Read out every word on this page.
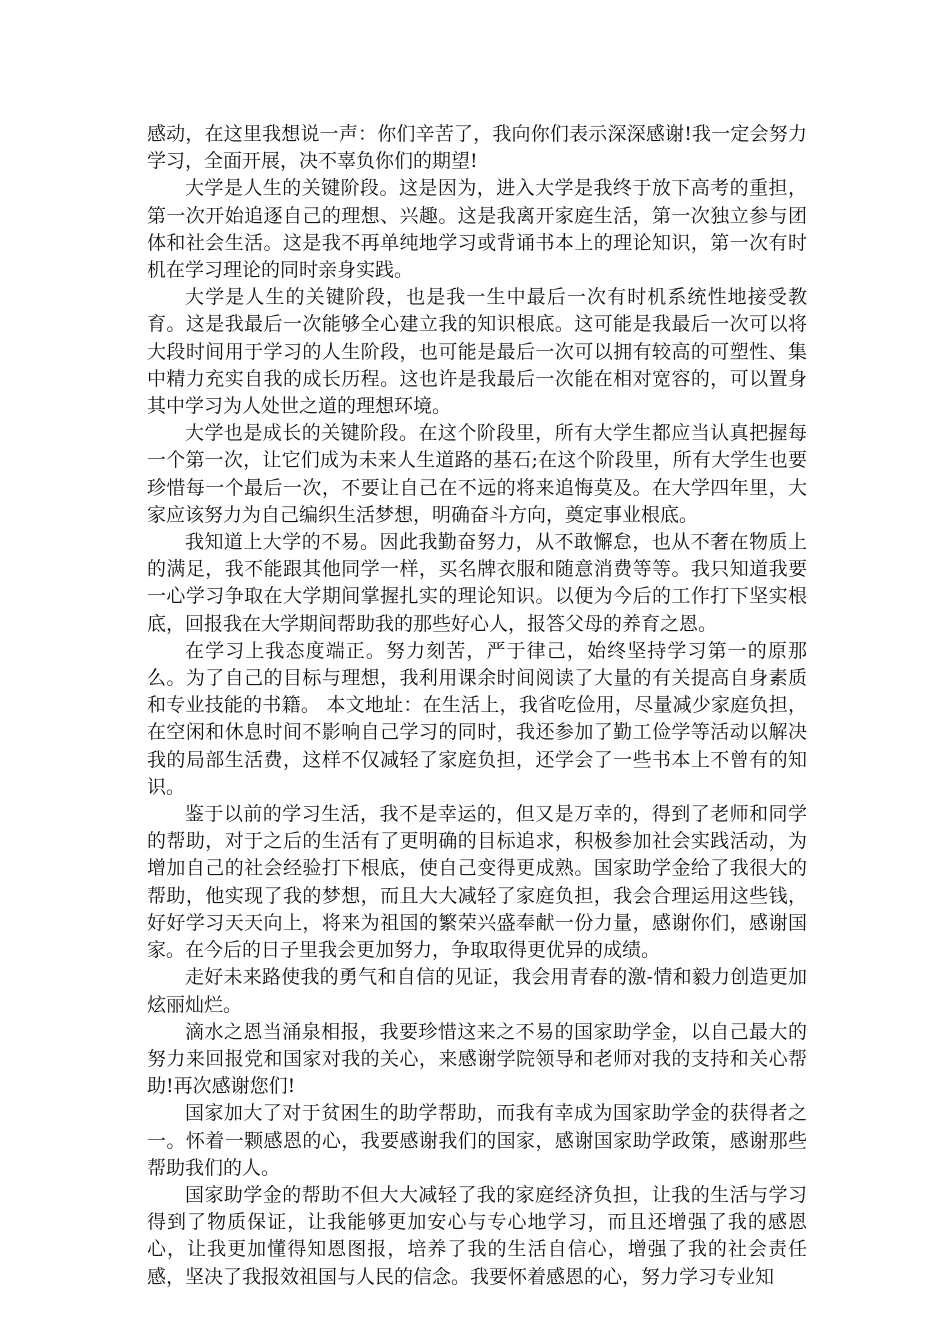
感动，在这里我想说一声：你们辛苦了，我向你们表示深深感谢!我一定会努力学习，全面开展，决不辜负你们的期望!

大学是人生的关键阶段。这是因为，进入大学是我终于放下高考的重担，第一次开始追逐自己的理想、兴趣。这是我离开家庭生活，第一次独立参与团体和社会生活。这是我不再单纯地学习或背诵书本上的理论知识，第一次有时机在学习理论的同时亲身实践。

大学是人生的关键阶段，也是我一生中最后一次有时机系统性地接受教育。这是我最后一次能够全心建立我的知识根底。这可能是我最后一次可以将大段时间用于学习的人生阶段，也可能是最后一次可以拥有较高的可塑性、集中精力充实自我的成长历程。这也许是我最后一次能在相对宽容的，可以置身其中学习为人处世之道的理想环境。

大学也是成长的关键阶段。在这个阶段里，所有大学生都应当认真把握每一个第一次，让它们成为未来人生道路的基石;在这个阶段里，所有大学生也要珍惜每一个最后一次，不要让自己在不远的将来追悔莫及。在大学四年里，大家应该努力为自己编织生活梦想，明确奋斗方向，奠定事业根底。

我知道上大学的不易。因此我勤奋努力，从不敢懈怠，也从不奢在物质上的满足，我不能跟其他同学一样，买名牌衣服和随意消费等等。我只知道我要一心学习争取在大学期间掌握扎实的理论知识。以便为今后的工作打下坚实根底，回报我在大学期间帮助我的那些好心人，报答父母的养育之恩。

在学习上我态度端正。努力刻苦，严于律己，始终坚持学习第一的原那么。为了自己的目标与理想，我利用课余时间阅读了大量的有关提高自身素质和专业技能的书籍。 本文地址：在生活上，我省吃俭用，尽量减少家庭负担，在空闲和休息时间不影响自己学习的同时，我还参加了勤工俭学等活动以解决我的局部生活费，这样不仅减轻了家庭负担，还学会了一些书本上不曾有的知识。

鉴于以前的学习生活，我不是幸运的，但又是万幸的，得到了老师和同学的帮助，对于之后的生活有了更明确的目标追求，积极参加社会实践活动，为增加自己的社会经验打下根底，使自己变得更成熟。国家助学金给了我很大的帮助，他实现了我的梦想，而且大大减轻了家庭负担，我会合理运用这些钱，好好学习天天向上，将来为祖国的繁荣兴盛奉献一份力量，感谢你们，感谢国家。在今后的日子里我会更加努力，争取取得更优异的成绩。

走好未来路使我的勇气和自信的见证，我会用青春的激-情和毅力创造更加炫丽灿烂。

滴水之恩当涌泉相报，我要珍惜这来之不易的国家助学金，以自己最大的努力来回报党和国家对我的关心，来感谢学院领导和老师对我的支持和关心帮助!再次感谢您们!

国家加大了对于贫困生的助学帮助，而我有幸成为国家助学金的获得者之一。怀着一颗感恩的心，我要感谢我们的国家，感谢国家助学政策，感谢那些帮助我们的人。

国家助学金的帮助不但大大减轻了我的家庭经济负担，让我的生活与学习得到了物质保证，让我能够更加安心与专心地学习，而且还增强了我的感恩心，让我更加懂得知恩图报，培养了我的生活自信心，增强了我的社会责任感，坚决了我报效祖国与人民的信念。我要怀着感恩的心，努力学习专业知
